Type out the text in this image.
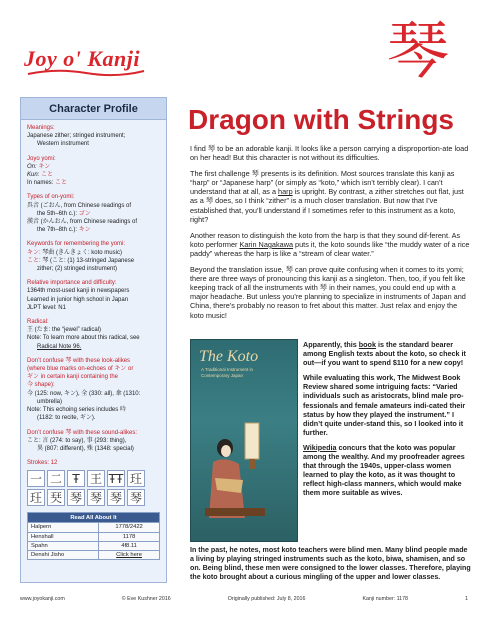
Joy o' Kanji	琴
Character Profile
Meanings:
Japanese zither; stringed instrument;
Western instrument
Joyo yomi:
On: キン
Kun: こと
In names: こと
Types of on-yomi:
呉音 (ごおん, from Chinese readings of
the 5th–6th c.): ゴン
漢音 (かんおん, from Chinese readings of
the 7th–8th c.): キン
Keywords for remembering the yomi:
キン: 琴曲 (きんきょく: koto music)
こと: 琴 (こと: (1) 13-stringed Japanese
zither; (2) stringed instrument)
Relative importance and difficulty:
1364th most-used kanji in newspapers
Learned in junior high school in Japan
JLPT level: N1
Radical:
王 (たま: the “jewel” radical)
Note: To learn more about this radical, see
Radical Note 96.
Don’t confuse 琴 with these look-alikes
(where blue marks on-echoes of キン or
ギン in certain kanji containing the
今 shape):
今 (125: now, キン), 全 (330: all), 傘 (1310:
umbrella)
Note: This echoing series includes 吟
(1182: to recite, ギン).
Don’t confuse 琴 with these sound-alikes:
こと: 言 (274: to say), 事 (293: thing),
異 (807: different), 殊 (1348: special)
Strokes: 12
一 二 Ŧ 王 ŦŦ 玨
玨 珡 琴 琴 琴 琴
Read All About It	
Halpern	1778/2422
Henshall	1178
Spahn	4f8.11
Denshi Jisho	Click here
Dragon with Strings

I find 琴 to be an adorable kanji. It looks like a person carrying a disproportion-ate load on her head! But this character is not without its difficulties.

The first challenge 琴 presents is its definition. Most sources translate this kanji as “harp” or “Japanese harp” (or simply as “koto,” which isn’t terribly clear). I can’t understand that at all, as a harp is upright. By contrast, a zither stretches out flat, just as a 琴 does, so I think “zither” is a much closer translation. But now that I’ve established that, you’ll understand if I sometimes refer to this instrument as a koto, right?

Another reason to distinguish the koto from the harp is that they sound dif-ferent. As koto performer Karin Nagakawa puts it, the koto sounds like “the muddy water of a rice paddy” whereas the harp is like a “stream of clear water.”

Beyond the translation issue, 琴 can prove quite confusing when it comes to its yomi; there are three ways of pronouncing this kanji as a singleton. Then, too, if you felt like keeping track of all the instruments with 琴 in their names, you could end up with a major headache. But unless you’re planning to specialize in instruments of Japan and China, there’s probably no reason to fret about this matter. Just relax and enjoy the koto music!

The Koto
A Traditional Instrument in Contemporary Japan

Apparently, this book is the standard bearer among English texts about the koto, so check it out—if you want to spend $110 for a new copy!

While evaluating this work, The Midwest Book Review shared some intriguing facts: “Varied individuals such as aristocrats, blind male pro-fessionals and female amateurs indi-cated their status by how they played the instrument.” I didn’t quite under-stand this, so I looked into it further.

Wikipedia concurs that the koto was popular among the wealthy. And my proofreader agrees that through the 1940s, upper-class women learned to play the koto, as it was thought to reflect high-class manners, which would make them more suitable as wives.

In the past, he notes, most koto teachers were blind men. Many blind people made a living by playing stringed instruments such as the koto, biwa, shamisen, and so on. Being blind, these men were consigned to the lower classes. Therefore, playing the koto brought about a curious mingling of the upper and lower classes.
www.joyokanji.com	© Eve Kushner 2016	Originally published: July 8, 2016	Kanji number: 1178	1
